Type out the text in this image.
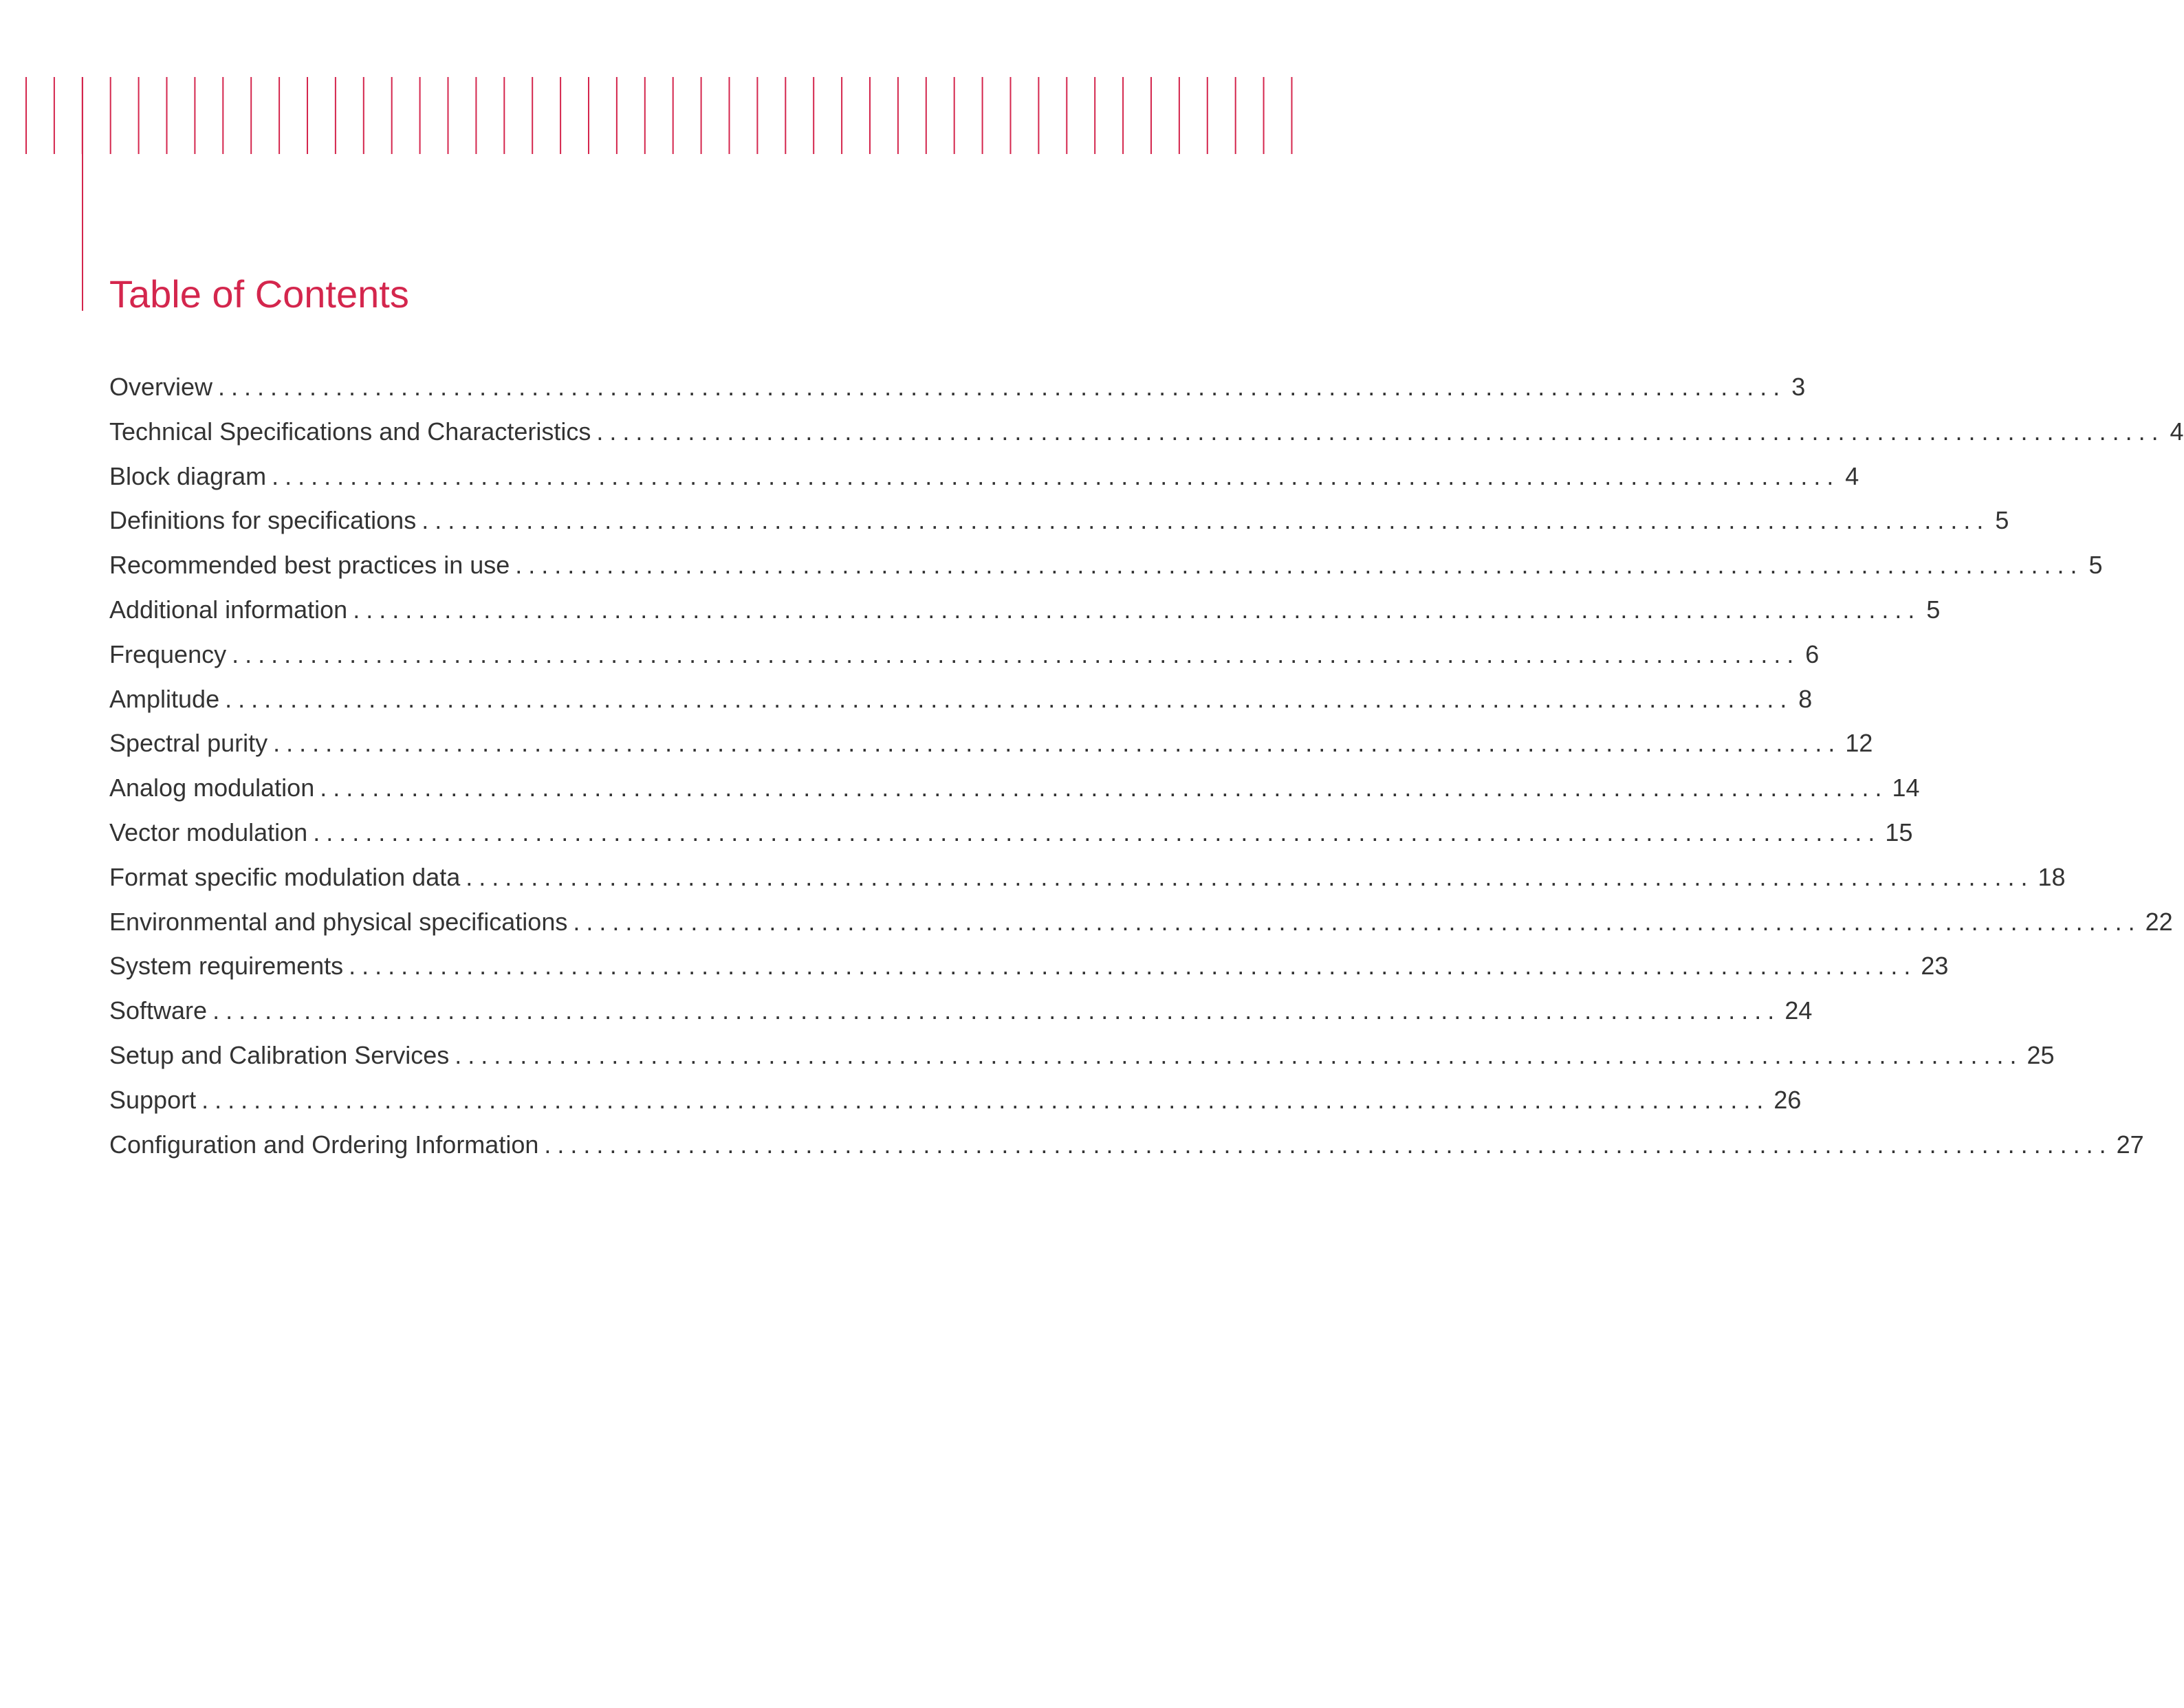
Table of Contents
Overview ........................................................................................................................ 3
Technical Specifications and Characteristics ........................................................................................................................ 4
Block diagram ........................................................................................................................ 4
Definitions for specifications ........................................................................................................................ 5
Recommended best practices in use ........................................................................................................................ 5
Additional information ........................................................................................................................ 5
Frequency ........................................................................................................................ 6
Amplitude ........................................................................................................................ 8
Spectral purity ........................................................................................................................ 12
Analog modulation ........................................................................................................................ 14
Vector modulation ........................................................................................................................ 15
Format specific modulation data ........................................................................................................................ 18
Environmental and physical specifications ........................................................................................................................ 22
System requirements ........................................................................................................................ 23
Software ........................................................................................................................ 24
Setup and Calibration Services ........................................................................................................................ 25
Support ........................................................................................................................ 26
Configuration and Ordering Information ........................................................................................................................ 27
